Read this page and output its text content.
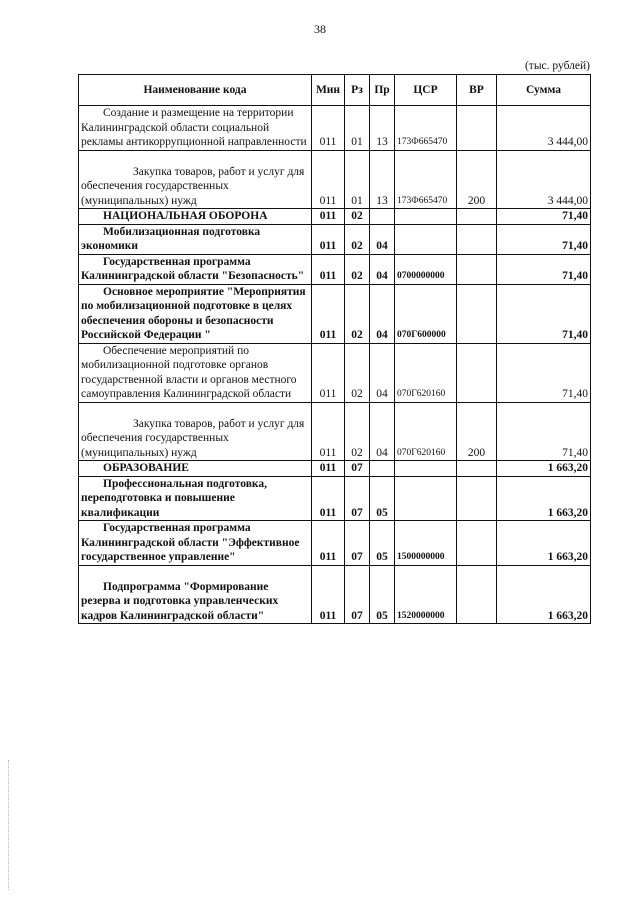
38
(тыс. рублей)
Наименование кода	Мин	Рз	Пр	ЦСР	ВР	Сумма

Создание и размещение на территории Калининградской области социальной рекламы антикоррупционной направленности	011	01	13	173Ф665470		3 444,00

Закупка товаров, работ и услуг для обеспечения государственных (муниципальных) нужд	011	01	13	173Ф665470	200	3 444,00

НАЦИОНАЛЬНАЯ ОБОРОНА	011	02				71,40

Мобилизационная подготовка экономики	011	02	04			71,40

Государственная программа Калининградской области "Безопасность"	011	02	04	0700000000		71,40

Основное мероприятие "Мероприятия по мобилизационной подготовке в целях обеспечения обороны и безопасности Российской Федерации "	011	02	04	070Г600000		71,40

Обеспечение мероприятий по мобилизационной подготовке органов государственной власти и органов местного самоуправления Калининградской области	011	02	04	070Г620160		71,40

Закупка товаров, работ и услуг для обеспечения государственных (муниципальных) нужд	011	02	04	070Г620160	200	71,40

ОБРАЗОВАНИЕ	011	07				1 663,20

Профессиональная подготовка, переподготовка и повышение квалификации	011	07	05			1 663,20

Государственная программа Калининградской области "Эффективное государственное управление"	011	07	05	1500000000		1 663,20

Подпрограмма "Формирование резерва и подготовка управленческих кадров Калининградской области"	011	07	05	1520000000		1 663,20
